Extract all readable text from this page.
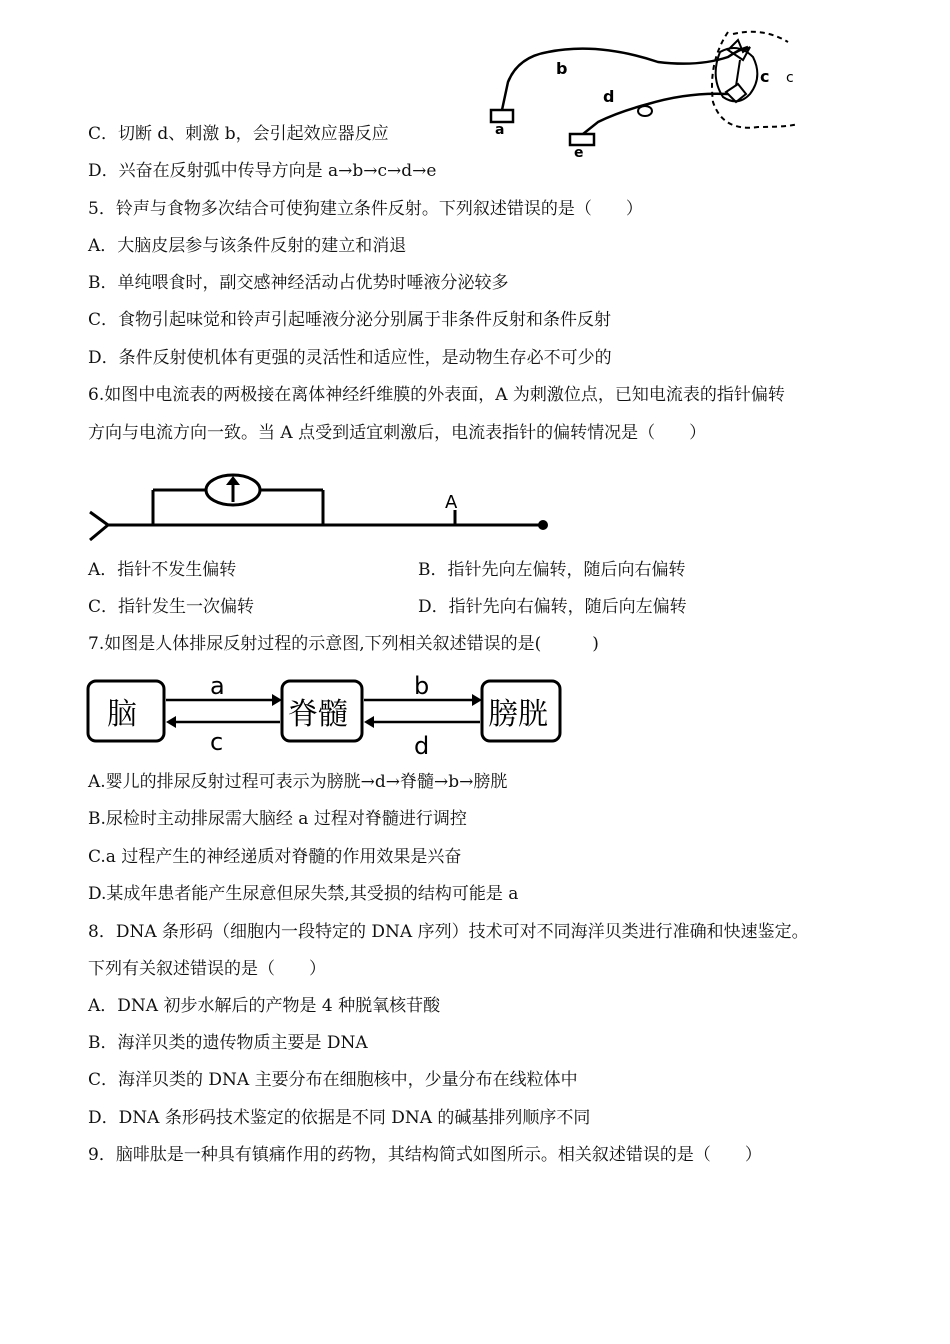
a
b	c c
d
e
C．切断 d、刺激 b，会引起效应器反应
D．兴奋在反射弧中传导方向是 a→b→c→d→e
5．铃声与食物多次结合可使狗建立条件反射。下列叙述错误的是（　　）
A．大脑皮层参与该条件反射的建立和消退
B．单纯喂食时，副交感神经活动占优势时唾液分泌较多
C．食物引起味觉和铃声引起唾液分泌分别属于非条件反射和条件反射
D．条件反射使机体有更强的灵活性和适应性，是动物生存必不可少的
6.如图中电流表的两极接在离体神经纤维膜的外表面，A 为刺激位点，已知电流表的指针偏转
方向与电流方向一致。当 A 点受到适宜刺激后，电流表指针的偏转情况是（　　）
A
A．指针不发生偏转	B．指针先向左偏转，随后向右偏转
C．指针发生一次偏转	D．指针先向右偏转，随后向左偏转
7.如图是人体排尿反射过程的示意图,下列相关叙述错误的是(　　　)
脑	脊髓	膀胱
a
c
b
d
A.婴儿的排尿反射过程可表示为膀胱→d→脊髓→b→膀胱
B.尿检时主动排尿需大脑经 a 过程对脊髓进行调控
C.a 过程产生的神经递质对脊髓的作用效果是兴奋
D.某成年患者能产生尿意但尿失禁,其受损的结构可能是 a
8．DNA 条形码（细胞内一段特定的 DNA 序列）技术可对不同海洋贝类进行准确和快速鉴定。
下列有关叙述错误的是（　　）
A．DNA 初步水解后的产物是 4 种脱氧核苷酸
B．海洋贝类的遗传物质主要是 DNA
C．海洋贝类的 DNA 主要分布在细胞核中，少量分布在线粒体中
D．DNA 条形码技术鉴定的依据是不同 DNA 的碱基排列顺序不同
9．脑啡肽是一种具有镇痛作用的药物，其结构简式如图所示。相关叙述错误的是（　　）
